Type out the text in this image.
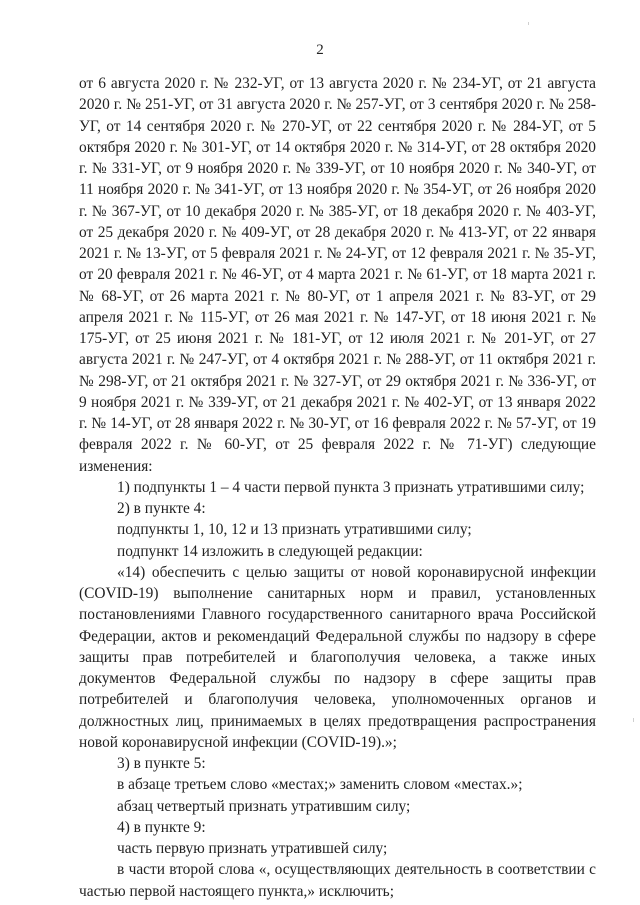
2

от 6 августа 2020 г. № 232-УГ, от 13 августа 2020 г. № 234-УГ, от 21 августа 2020 г. № 251-УГ, от 31 августа 2020 г. № 257-УГ, от 3 сентября 2020 г. № 258-УГ, от 14 сентября 2020 г. № 270-УГ, от 22 сентября 2020 г. № 284-УГ, от 5 октября 2020 г. № 301-УГ, от 14 октября 2020 г. № 314-УГ, от 28 октября 2020 г. № 331-УГ, от 9 ноября 2020 г. № 339-УГ, от 10 ноября 2020 г. № 340-УГ, от 11 ноября 2020 г. № 341-УГ, от 13 ноября 2020 г. № 354-УГ, от 26 ноября 2020 г. № 367-УГ, от 10 декабря 2020 г. № 385-УГ, от 18 декабря 2020 г. № 403-УГ, от 25 декабря 2020 г. № 409-УГ, от 28 декабря 2020 г. № 413-УГ, от 22 января 2021 г. № 13-УГ, от 5 февраля 2021 г. № 24-УГ, от 12 февраля 2021 г. № 35-УГ, от 20 февраля 2021 г. № 46-УГ, от 4 марта 2021 г. № 61-УГ, от 18 марта 2021 г. № 68-УГ, от 26 марта 2021 г. № 80-УГ, от 1 апреля 2021 г. № 83-УГ, от 29 апреля 2021 г. № 115-УГ, от 26 мая 2021 г. № 147-УГ, от 18 июня 2021 г. № 175-УГ, от 25 июня 2021 г. № 181-УГ, от 12 июля 2021 г. № 201-УГ, от 27 августа 2021 г. № 247-УГ, от 4 октября 2021 г. № 288-УГ, от 11 октября 2021 г. № 298-УГ, от 21 октября 2021 г. № 327-УГ, от 29 октября 2021 г. № 336-УГ, от 9 ноября 2021 г. № 339-УГ, от 21 декабря 2021 г. № 402-УГ, от 13 января 2022 г. № 14-УГ, от 28 января 2022 г. № 30-УГ, от 16 февраля 2022 г. № 57-УГ, от 19 февраля 2022 г. № 60-УГ, от 25 февраля 2022 г. № 71-УГ) следующие изменения:

1) подпункты 1 – 4 части первой пункта 3 признать утратившими силу;

2) в пункте 4:

подпункты 1, 10, 12 и 13 признать утратившими силу;

подпункт 14 изложить в следующей редакции:

«14) обеспечить с целью защиты от новой коронавирусной инфекции (COVID-19) выполнение санитарных норм и правил, установленных постановлениями Главного государственного санитарного врача Российской Федерации, актов и рекомендаций Федеральной службы по надзору в сфере защиты прав потребителей и благополучия человека, а также иных документов Федеральной службы по надзору в сфере защиты прав потребителей и благополучия человека, уполномоченных органов и должностных лиц, принимаемых в целях предотвращения распространения новой коронавирусной инфекции (COVID-19).»;

3) в пункте 5:

в абзаце третьем слово «местах;» заменить словом «местах.»;

абзац четвертый признать утратившим силу;

4) в пункте 9:

часть первую признать утратившей силу;

в части второй слова «, осуществляющих деятельность в соответствии с частью первой настоящего пункта,» исключить;
